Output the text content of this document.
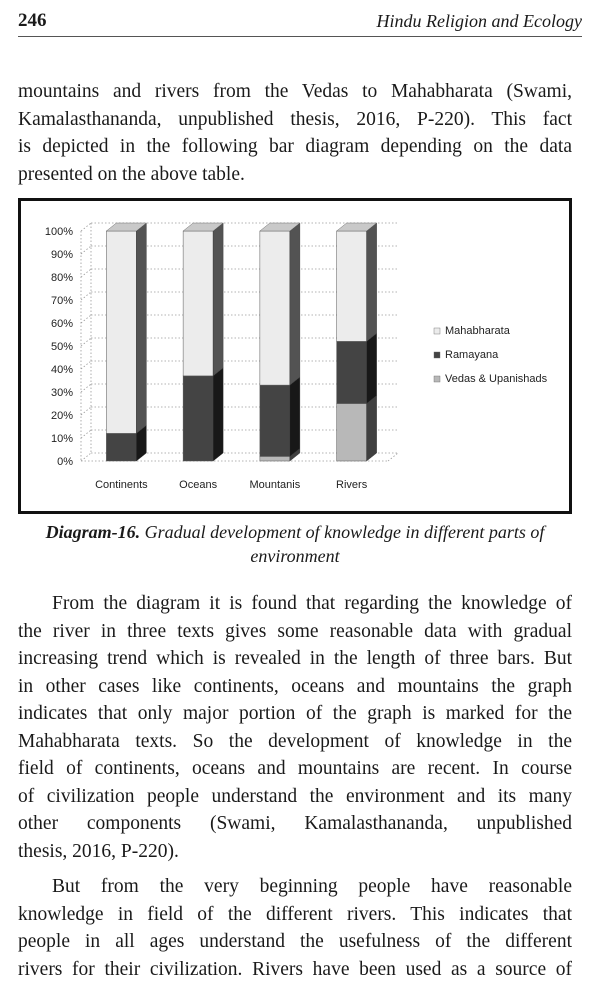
246	Hindu Religion and Ecology

mountains and rivers from the Vedas to Mahabharata (Swami,
Kamalasthananda, unpublished thesis, 2016, P-220). This fact
is depicted in the following bar diagram depending on the data
presented on the above table.

0%
10%
20%
30%
40%
50%
60%
70%
80%
90%
100%
Continents	Oceans	Mountanis	Rivers
Mahabharata
Ramayana
Vedas & Upanishads
Diagram-16. Gradual development of knowledge in different parts of environment

From the diagram it is found that regarding the knowledge of
the river in three texts gives some reasonable data with gradual
increasing trend which is revealed in the length of three bars. But
in other cases like continents, oceans and mountains the graph
indicates that only major portion of the graph is marked for the
Mahabharata texts. So the development of knowledge in the
field of continents, oceans and mountains are recent. In course
of civilization people understand the environment and its many
other components (Swami, Kamalasthananda, unpublished
thesis, 2016, P-220).

But from the very beginning people have reasonable
knowledge in field of the different rivers. This indicates that
people in all ages understand the usefulness of the different
rivers for their civilization. Rivers have been used as a source of
